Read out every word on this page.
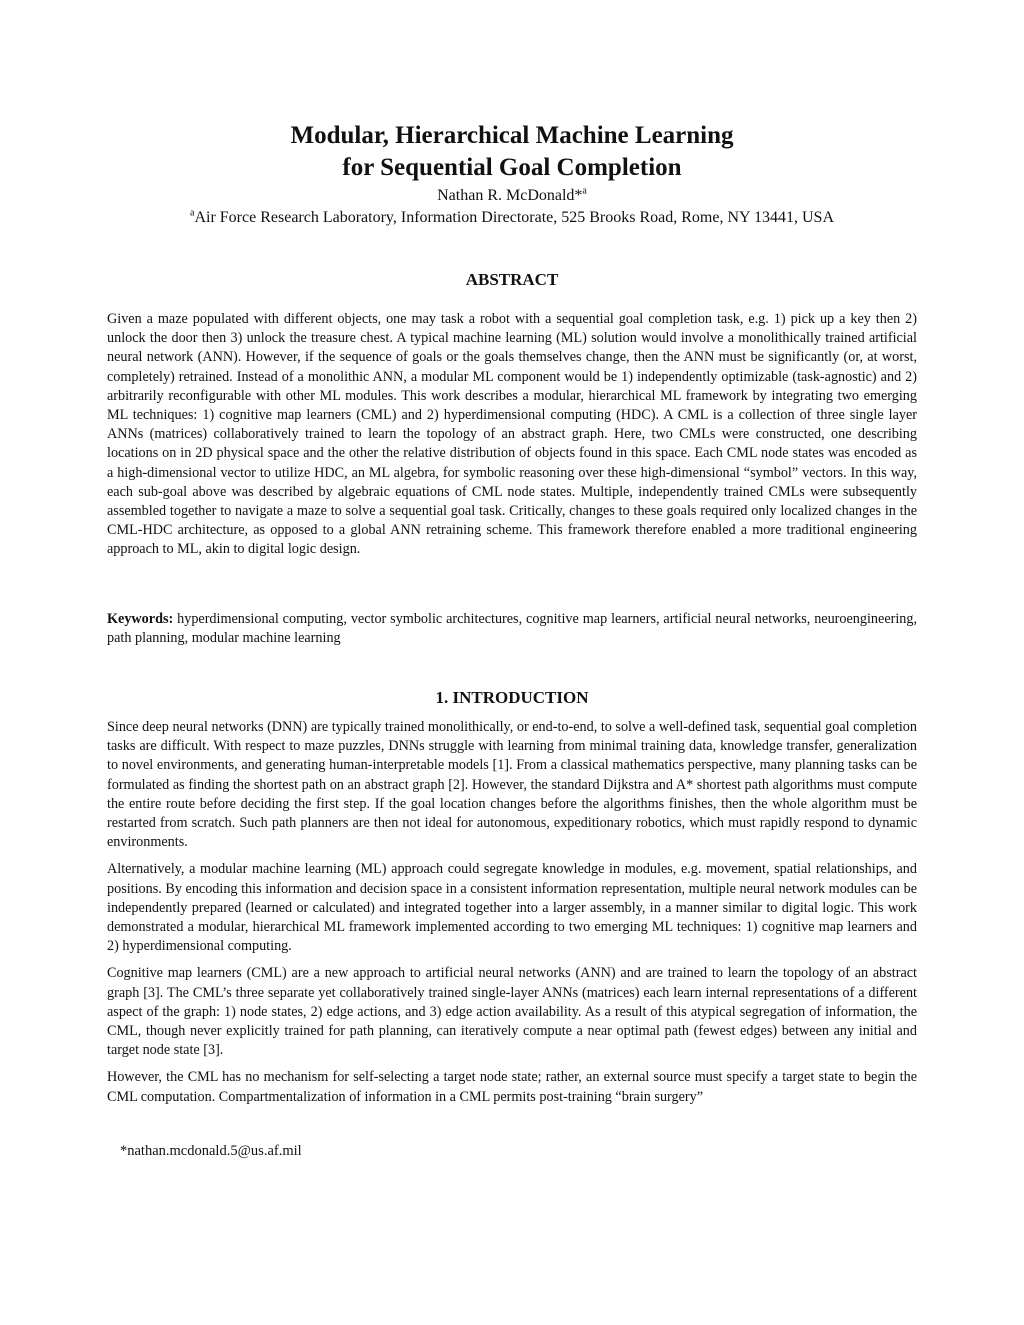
Modular, Hierarchical Machine Learning
for Sequential Goal Completion
Nathan R. McDonald*$^a$
$^a$Air Force Research Laboratory, Information Directorate, 525 Brooks Road, Rome, NY 13441, USA
ABSTRACT
Given a maze populated with different objects, one may task a robot with a sequential goal completion task, e.g. 1) pick up a key then 2) unlock the door then 3) unlock the treasure chest. A typical machine learning (ML) solution would involve a monolithically trained artificial neural network (ANN). However, if the sequence of goals or the goals themselves change, then the ANN must be significantly (or, at worst, completely) retrained. Instead of a monolithic ANN, a modular ML component would be 1) independently optimizable (task-agnostic) and 2) arbitrarily reconfigurable with other ML modules. This work describes a modular, hierarchical ML framework by integrating two emerging ML techniques: 1) cognitive map learners (CML) and 2) hyperdimensional computing (HDC). A CML is a collection of three single layer ANNs (matrices) collaboratively trained to learn the topology of an abstract graph. Here, two CMLs were constructed, one describing locations on in 2D physical space and the other the relative distribution of objects found in this space. Each CML node states was encoded as a high-dimensional vector to utilize HDC, an ML algebra, for symbolic reasoning over these high-dimensional “symbol” vectors. In this way, each sub-goal above was described by algebraic equations of CML node states. Multiple, independently trained CMLs were subsequently assembled together to navigate a maze to solve a sequential goal task. Critically, changes to these goals required only localized changes in the CML-HDC architecture, as opposed to a global ANN retraining scheme. This framework therefore enabled a more traditional engineering approach to ML, akin to digital logic design.
Keywords: hyperdimensional computing, vector symbolic architectures, cognitive map learners, artificial neural networks, neuroengineering, path planning, modular machine learning
1. INTRODUCTION

Since deep neural networks (DNN) are typically trained monolithically, or end-to-end, to solve a well-defined task, sequential goal completion tasks are difficult. With respect to maze puzzles, DNNs struggle with learning from minimal training data, knowledge transfer, generalization to novel environments, and generating human-interpretable models [1]. From a classical mathematics perspective, many planning tasks can be formulated as finding the shortest path on an abstract graph [2]. However, the standard Dijkstra and A* shortest path algorithms must compute the entire route before deciding the first step. If the goal location changes before the algorithms finishes, then the whole algorithm must be restarted from scratch. Such path planners are then not ideal for autonomous, expeditionary robotics, which must rapidly respond to dynamic environments.

Alternatively, a modular machine learning (ML) approach could segregate knowledge in modules, e.g. movement, spatial relationships, and positions. By encoding this information and decision space in a consistent information representation, multiple neural network modules can be independently prepared (learned or calculated) and integrated together into a larger assembly, in a manner similar to digital logic. This work demonstrated a modular, hierarchical ML framework implemented according to two emerging ML techniques: 1) cognitive map learners and 2) hyperdimensional computing.

Cognitive map learners (CML) are a new approach to artificial neural networks (ANN) and are trained to learn the topology of an abstract graph [3]. The CML’s three separate yet collaboratively trained single-layer ANNs (matrices) each learn internal representations of a different aspect of the graph: 1) node states, 2) edge actions, and 3) edge action availability. As a result of this atypical segregation of information, the CML, though never explicitly trained for path planning, can iteratively compute a near optimal path (fewest edges) between any initial and target node state [3].

However, the CML has no mechanism for self-selecting a target node state; rather, an external source must specify a target state to begin the CML computation. Compartmentalization of information in a CML permits post-training “brain surgery”

*nathan.mcdonald.5@us.af.mil
